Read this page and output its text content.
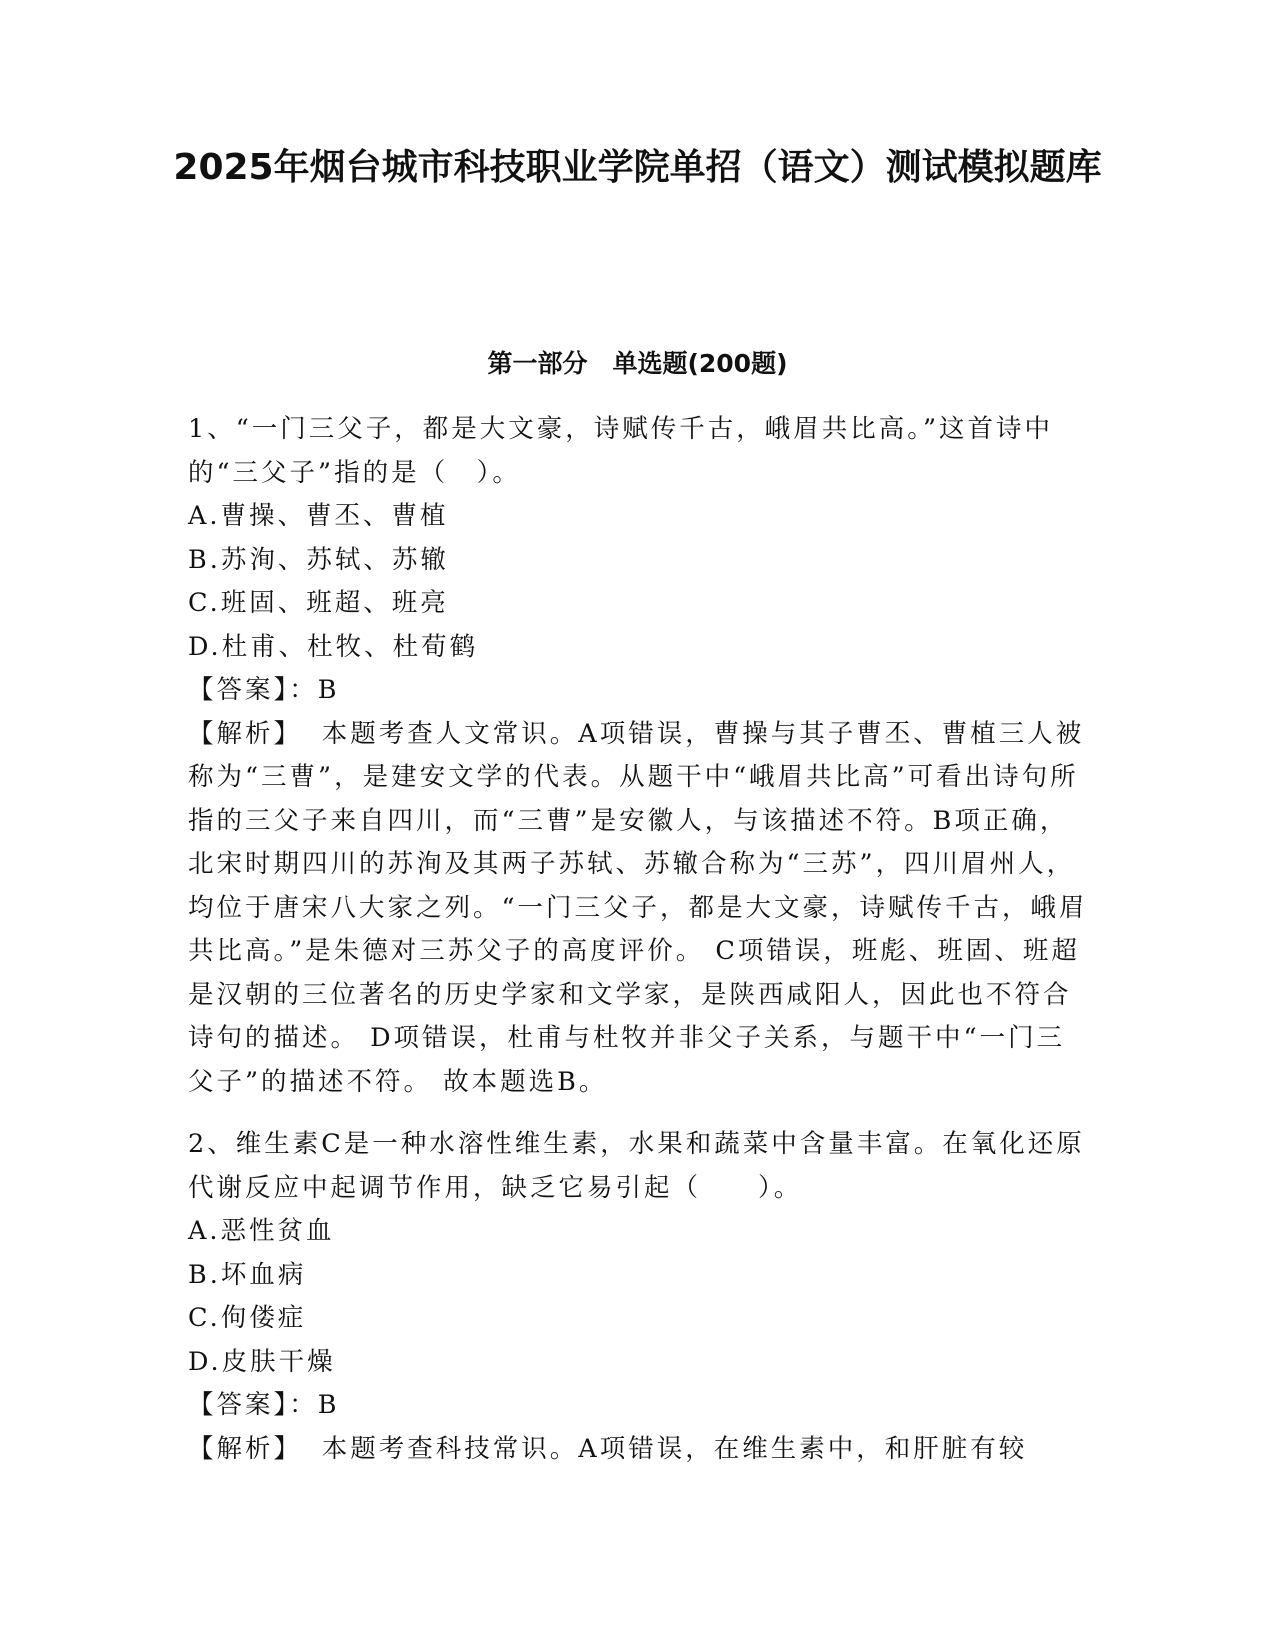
2025年烟台城市科技职业学院单招（语文）测试模拟题库
第一部分　单选题(200题)

1、“一门三父子，都是大文豪，诗赋传千古，峨眉共比高。”这首诗中的“三父子”指的是（　）。

A.曹操、曹丕、曹植

B.苏洵、苏轼、苏辙

C.班固、班超、班亮

D.杜甫、杜牧、杜荀鹤

【答案】：B

【解析】　 本题考查人文常识。A项错误，曹操与其子曹丕、曹植三人被称为“三曹”，是建安文学的代表。从题干中“峨眉共比高”可看出诗句所指的三父子来自四川，而“三曹”是安徽人，与该描述不符。B项正确，北宋时期四川的苏洵及其两子苏轼、苏辙合称为“三苏”，四川眉州人，均位于唐宋八大家之列。“一门三父子，都是大文豪，诗赋传千古，峨眉共比高。”是朱德对三苏父子的高度评价。 C项错误，班彪、班固、班超是汉朝的三位著名的历史学家和文学家，是陕西咸阳人，因此也不符合诗句的描述。 D项错误，杜甫与杜牧并非父子关系，与题干中“一门三父子”的描述不符。 故本题选B。

2、维生素C是一种水溶性维生素，水果和蔬菜中含量丰富。在氧化还原代谢反应中起调节作用，缺乏它易引起（　　）。

A.恶性贫血

B.坏血病

C.佝偻症

D.皮肤干燥

【答案】：B

【解析】　 本题考查科技常识。A项错误，在维生素中，和肝脏有较
